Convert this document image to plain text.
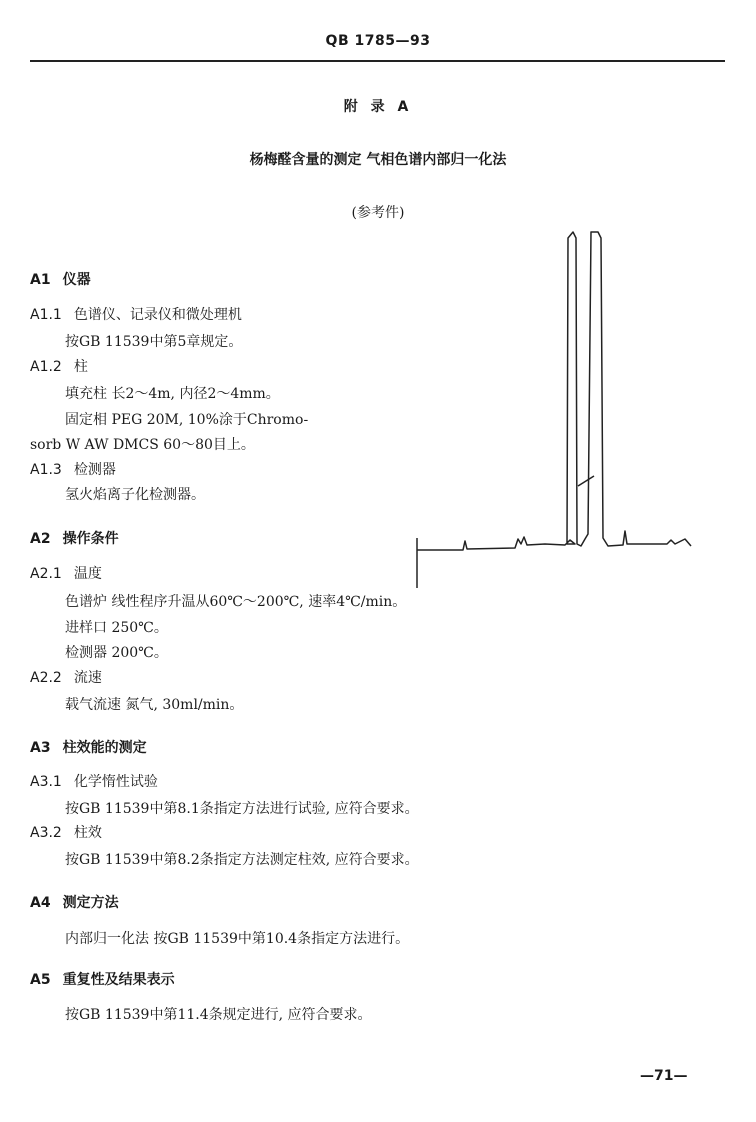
QB 1785—93
附 录 A
杨梅醛含量的测定 气相色谱内部归一化法
(参考件)
A1 仪器
A1.1 色谱仪、记录仪和微处理机
按GB 11539中第5章规定。
A1.2 柱
填充柱 长2～4m, 内径2～4mm。
固定相 PEG 20M, 10%涂于Chromo-
sorb W AW DMCS 60～80目上。
A1.3 检测器
氢火焰离子化检测器。
A2 操作条件
A2.1 温度
色谱炉 线性程序升温从60℃～200℃, 速率4℃/min。
进样口 250℃。
检测器 200℃。
A2.2 流速
载气流速 氮气, 30ml/min。
A3 柱效能的测定
A3.1 化学惰性试验
按GB 11539中第8.1条指定方法进行试验, 应符合要求。
A3.2 柱效
按GB 11539中第8.2条指定方法测定柱效, 应符合要求。
A4 测定方法
内部归一化法 按GB 11539中第10.4条指定方法进行。
A5 重复性及结果表示
按GB 11539中第11.4条规定进行, 应符合要求。
—71—
